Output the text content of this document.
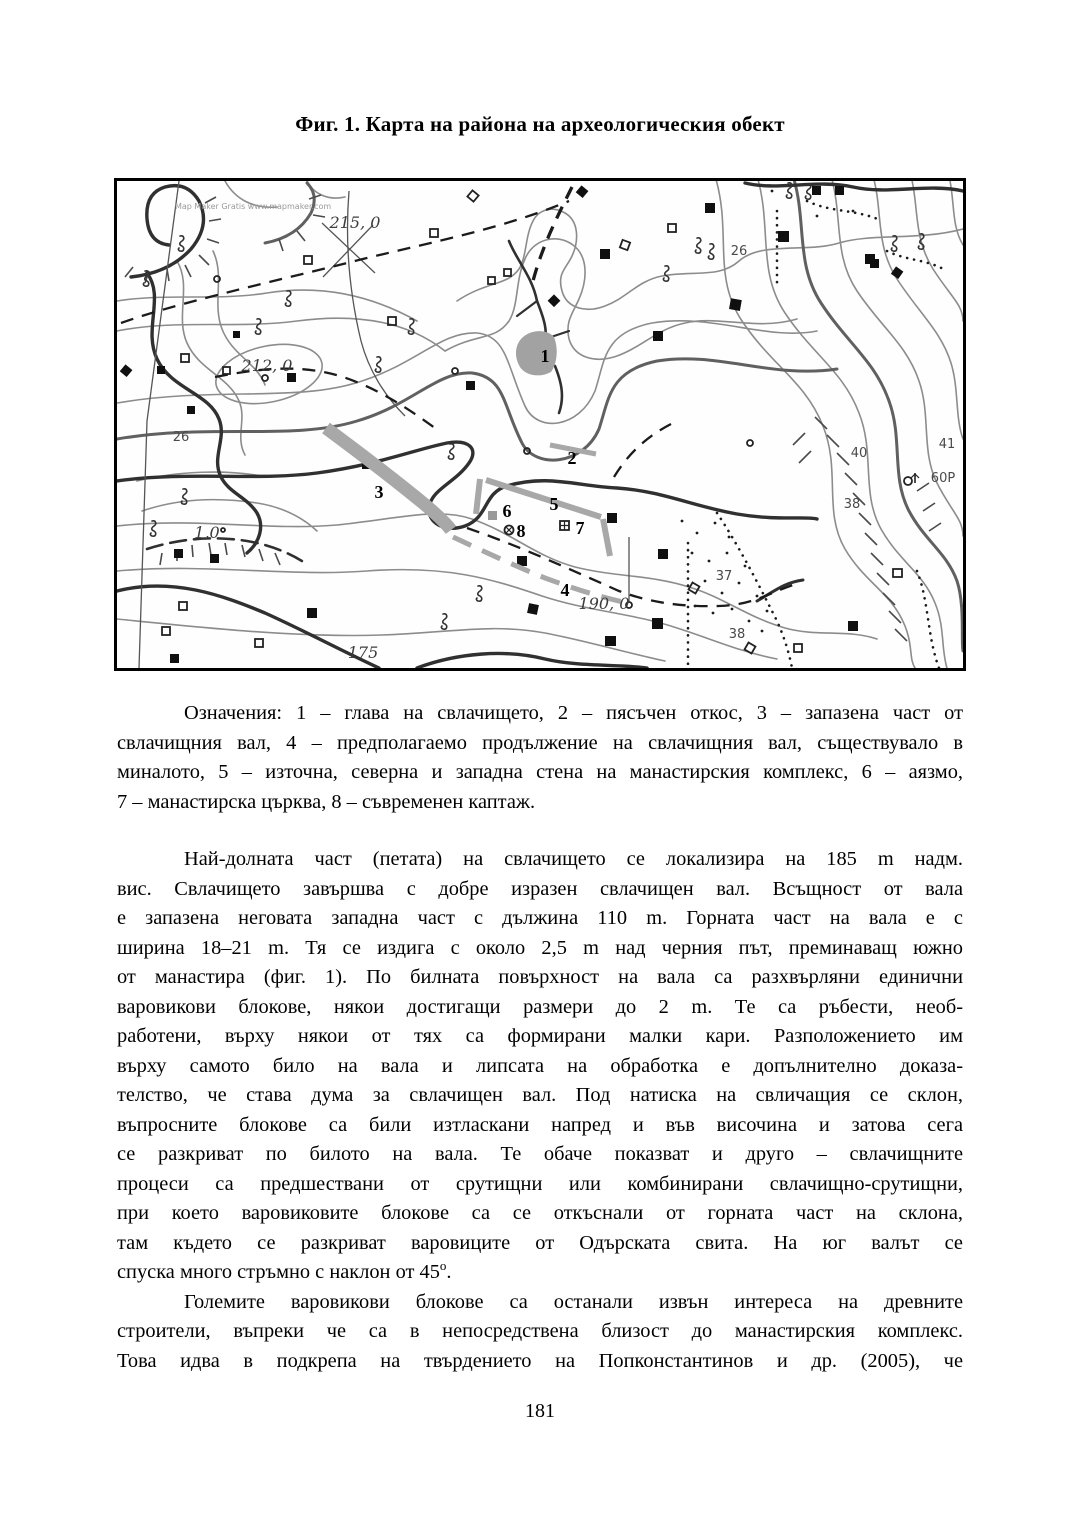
Фиг. 1. Карта на района на археологическия обект
Map Maker Gratis www.mapmaker.com
215, 0
212, 0
190, 0
175
1,0
26
26
37
38
38
40
41
60Р
1
2
3
4
5
6
7
8
Означения: 1 – глава на свлачището, 2 – пясъчен откос, 3 – запазена част от
свлачищния вал, 4 – предполагаемо продължение на свлачищния вал, съществувало в
миналото, 5 – източна, северна и западна стена на манастирския комплекс, 6 – аязмо,
7 – манастирска църква, 8 – съвременен каптаж.
Най-долната част (петата) на свлачището се локализира на 185 m надм.
вис. Свлачището завършва с добре изразен свлачищен вал. Всъщност от вала
е запазена неговата западна част с дължина 110 m. Горната част на вала е с
ширина 18–21 m. Тя се издига с около 2,5 m над черния път, преминаващ южно
от манастира (фиг. 1). По билната повърхност на вала са разхвърляни единични
варовикови блокове, някои достигащи размери до 2 m. Те са ръбести, необ-
работени, върху някои от тях са формирани малки кари. Разположението им
върху самото било на вала и липсата на обработка е допълнително доказа-
телство, че става дума за свлачищен вал. Под натиска на свличащия се склон,
въпросните блокове са били изтласкани напред и във височина и затова сега
се разкриват по билото на вала. Те обаче показват и друго – свлачищните
процеси са предшествани от срутищни или комбинирани свлачищно-срутищни,
при което варовиковите блокове са се откъснали от горната част на склона,
там където се разкриват варовиците от Одърската свита. На юг валът се
спуска много стръмно с наклон от $45^о$.
Големите варовикови блокове са останали извън интереса на древните
строители, въпреки че са в непосредствена близост до манастирския комплекс.
Това идва в подкрепа на твърдението на Попконстантинов и др. (2005), че
181
